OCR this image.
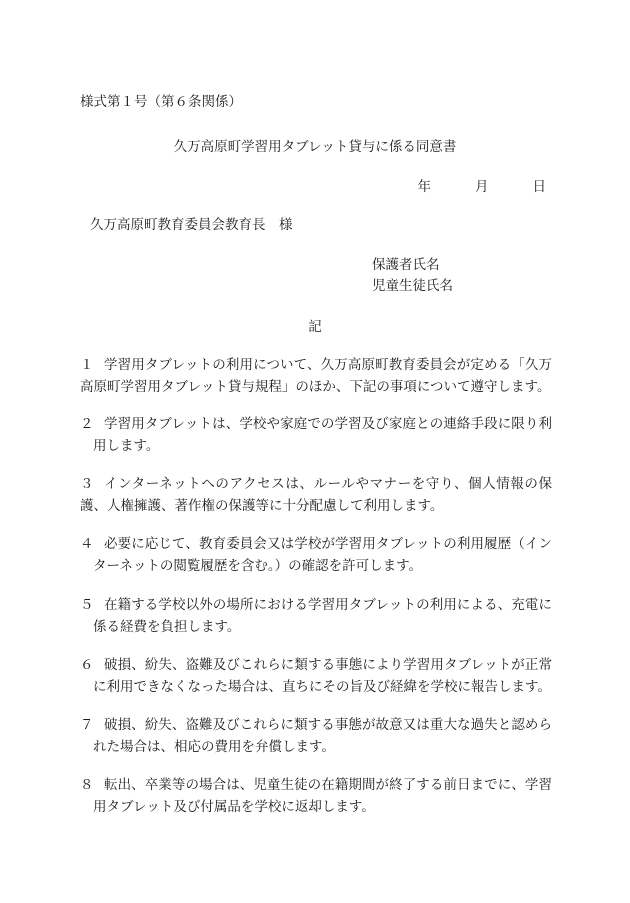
様式第１号（第６条関係）
久万高原町学習用タブレット貸与に係る同意書
年	月	日
久万高原町教育委員会教育長　様
保護者氏名
児童生徒氏名
記
１ 学習用タブレットの利用について、久万高原町教育委員会が定める「久万高原町学習用タブレット貸与規程」のほか、下記の事項について遵守します。
２ 学習用タブレットは、学校や家庭での学習及び家庭との連絡手段に限り利用します。
３ インターネットへのアクセスは、ルールやマナーを守り、個人情報の保護、人権擁護、著作権の保護等に十分配慮して利用します。
４ 必要に応じて、教育委員会又は学校が学習用タブレットの利用履歴（インターネットの閲覧履歴を含む。）の確認を許可します。
５ 在籍する学校以外の場所における学習用タブレットの利用による、充電に係る経費を負担します。
６ 破損、紛失、盗難及びこれらに類する事態により学習用タブレットが正常に利用できなくなった場合は、直ちにその旨及び経緯を学校に報告します。
７ 破損、紛失、盗難及びこれらに類する事態が故意又は重大な過失と認められた場合は、相応の費用を弁償します。
８ 転出、卒業等の場合は、児童生徒の在籍期間が終了する前日までに、学習用タブレット及び付属品を学校に返却します。
